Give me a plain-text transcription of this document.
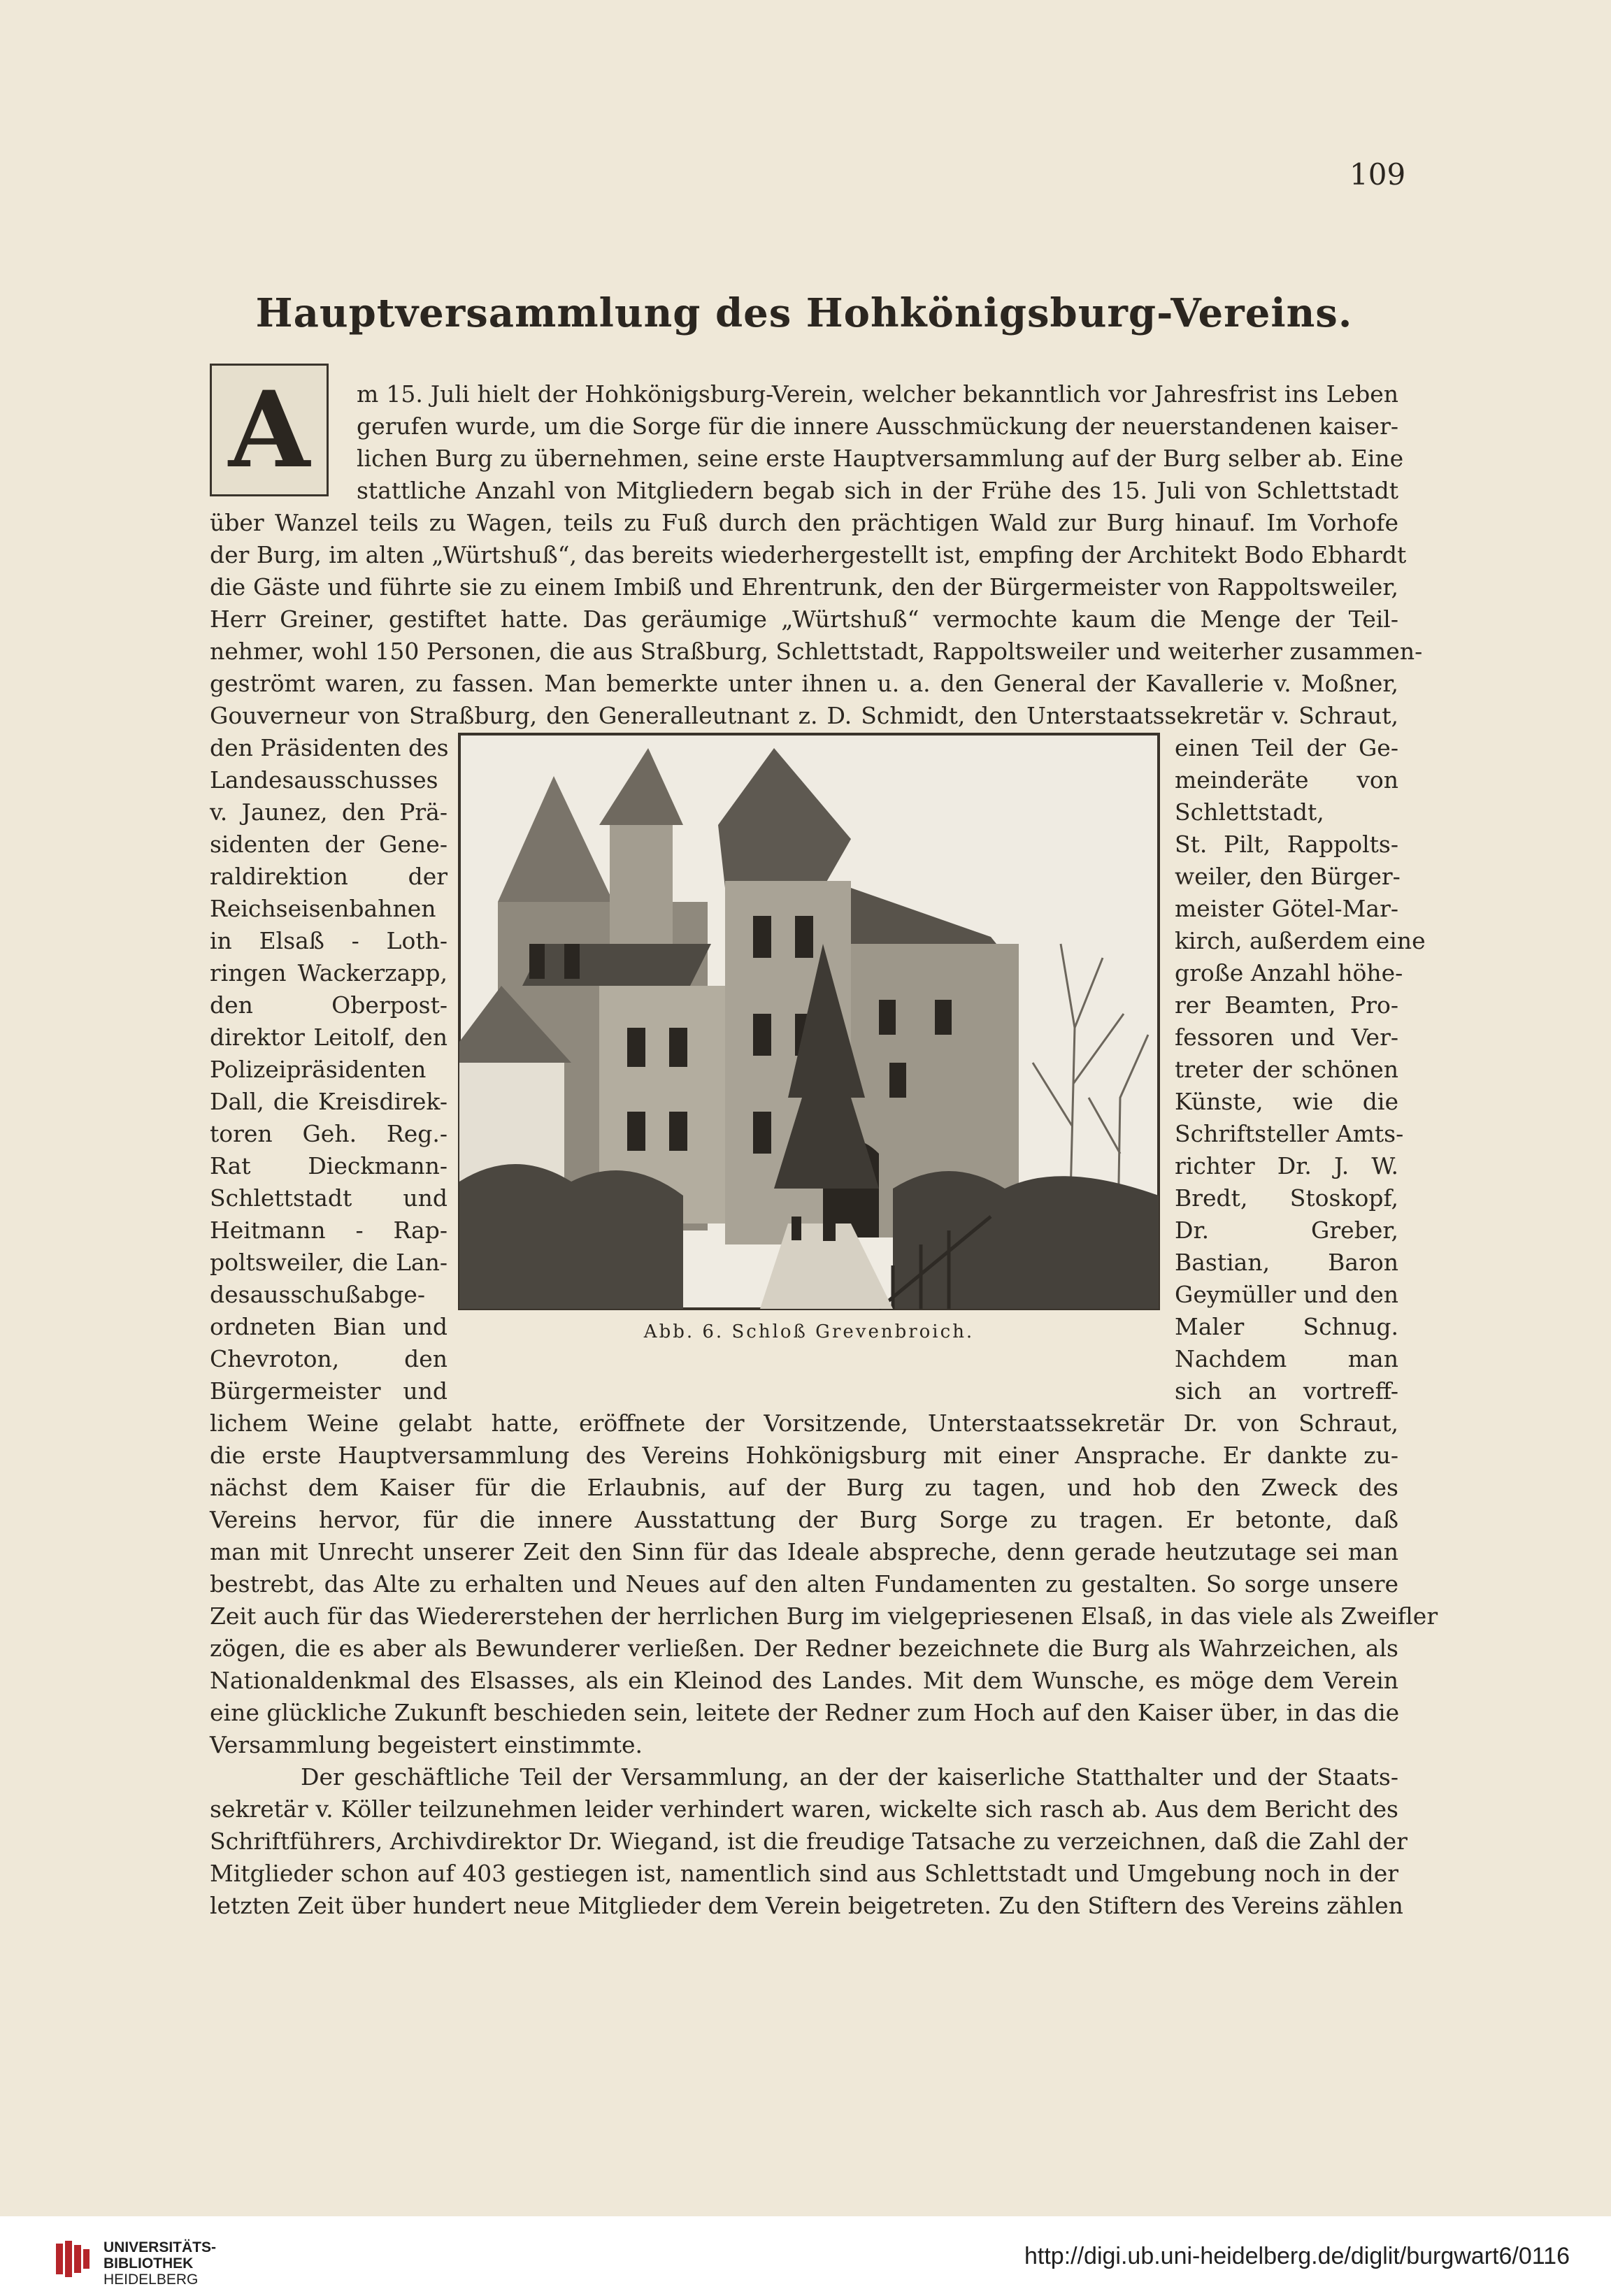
109
Hauptversammlung des Hohkönigsburg-Vereins.
A	m 15. Juli hielt der Hohkönigsburg-Verein, welcher bekanntlich vor Jahresfrist ins Leben
gerufen wurde, um die Sorge für die innere Ausschmückung der neuerstandenen kaiser-
lichen Burg zu übernehmen, seine erste Hauptversammlung auf der Burg selber ab. Eine
stattliche Anzahl von Mitgliedern begab sich in der Frühe des 15. Juli von Schlettstadt
über Wanzel teils zu Wagen, teils zu Fuß durch den prächtigen Wald zur Burg hinauf. Im Vorhofe
der Burg, im alten „Würtshuß“, das bereits wiederhergestellt ist, empfing der Architekt Bodo Ebhardt
die Gäste und führte sie zu einem Imbiß und Ehrentrunk, den der Bürgermeister von Rappoltsweiler,
Herr Greiner, gestiftet hatte. Das geräumige „Würtshuß“ vermochte kaum die Menge der Teil-
nehmer, wohl 150 Personen, die aus Straßburg, Schlettstadt, Rappoltsweiler und weiterher zusammen-
geströmt waren, zu fassen. Man bemerkte unter ihnen u. a. den General der Kavallerie v. Moßner,
Gouverneur von Straßburg, den Generalleutnant z. D. Schmidt, den Unterstaatssekretär v. Schraut,
den Präsidenten des
Landesausschusses
v. Jaunez, den Prä-
sidenten der Gene-
raldirektion der
Reichseisenbahnen
in Elsaß - Loth-
ringen Wackerzapp,
den Oberpost-
direktor Leitolf, den
Polizeipräsidenten
Dall, die Kreisdirek-
toren Geh. Reg.-
Rat Dieckmann-
Schlettstadt und
Heitmann - Rap-
poltsweiler, die Lan-
desausschußabge-
ordneten Bian und
Chevroton, den
Bürgermeister und
einen Teil der Ge-
meinderäte von
Schlettstadt,
St. Pilt, Rappolts-
weiler, den Bürger-
meister Götel-Mar-
kirch, außerdem eine
große Anzahl höhe-
rer Beamten, Pro-
fessoren und Ver-
treter der schönen
Künste, wie die
Schriftsteller Amts-
richter Dr. J. W.
Bredt, Stoskopf,
Dr. Greber,
Bastian, Baron
Geymüller und den
Maler Schnug.
Nachdem man
sich an vortreff-
Abb. 6. Schloß Grevenbroich.
lichem Weine gelabt hatte, eröffnete der Vorsitzende, Unterstaatssekretär Dr. von Schraut,
die erste Hauptversammlung des Vereins Hohkönigsburg mit einer Ansprache. Er dankte zu-
nächst dem Kaiser für die Erlaubnis, auf der Burg zu tagen, und hob den Zweck des
Vereins hervor, für die innere Ausstattung der Burg Sorge zu tragen. Er betonte, daß
man mit Unrecht unserer Zeit den Sinn für das Ideale abspreche, denn gerade heutzutage sei man
bestrebt, das Alte zu erhalten und Neues auf den alten Fundamenten zu gestalten. So sorge unsere
Zeit auch für das Wiedererstehen der herrlichen Burg im vielgepriesenen Elsaß, in das viele als Zweifler
zögen, die es aber als Bewunderer verließen. Der Redner bezeichnete die Burg als Wahrzeichen, als
Nationaldenkmal des Elsasses, als ein Kleinod des Landes. Mit dem Wunsche, es möge dem Verein
eine glückliche Zukunft beschieden sein, leitete der Redner zum Hoch auf den Kaiser über, in das die
Versammlung begeistert einstimmte.
Der geschäftliche Teil der Versammlung, an der der kaiserliche Statthalter und der Staats-
sekretär v. Köller teilzunehmen leider verhindert waren, wickelte sich rasch ab. Aus dem Bericht des
Schriftführers, Archivdirektor Dr. Wiegand, ist die freudige Tatsache zu verzeichnen, daß die Zahl der
Mitglieder schon auf 403 gestiegen ist, namentlich sind aus Schlettstadt und Umgebung noch in der
letzten Zeit über hundert neue Mitglieder dem Verein beigetreten. Zu den Stiftern des Vereins zählen
UNIVERSITÄTS-
BIBLIOTHEK
HEIDELBERG
http://digi.ub.uni-heidelberg.de/diglit/burgwart6/0116
